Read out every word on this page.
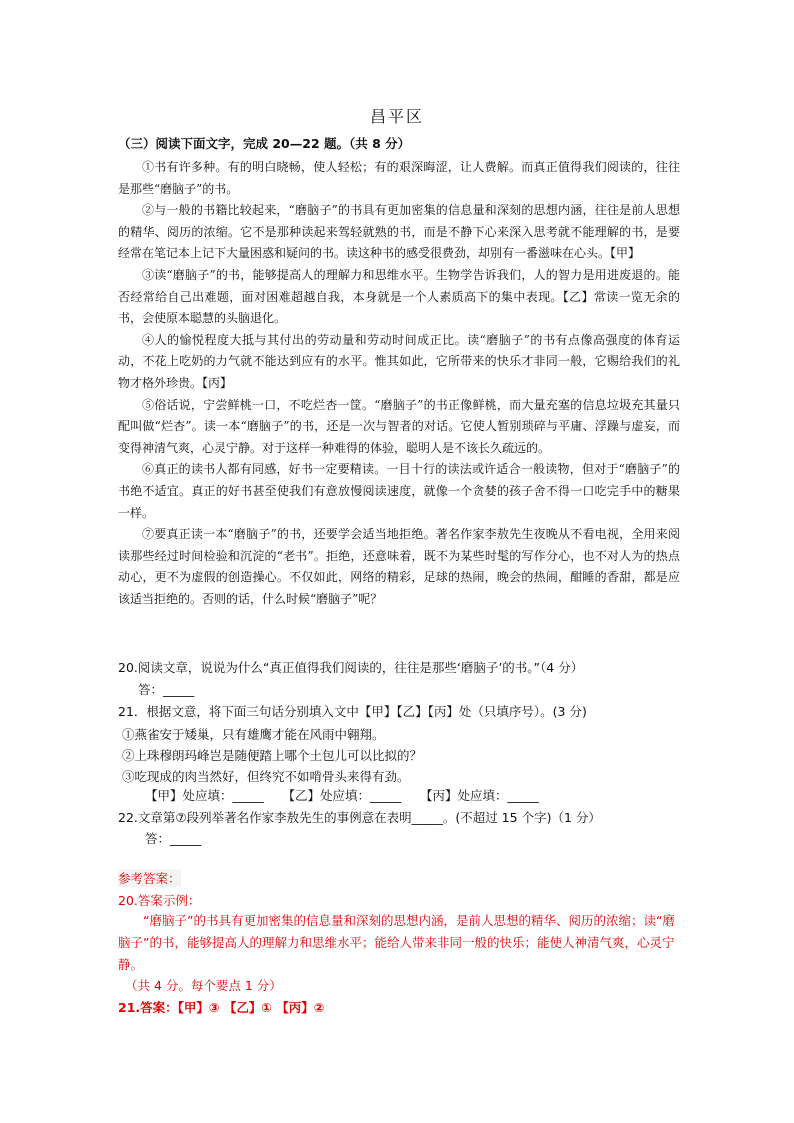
昌平区
（三）阅读下面文字，完成 20—22 题。（共 8 分）

①书有许多种。有的明白晓畅，使人轻松；有的艰深晦涩，让人费解。而真正值得我们阅读的，往往是那些“磨脑子”的书。

②与一般的书籍比较起来，“磨脑子”的书具有更加密集的信息量和深刻的思想内涵，往往是前人思想的精华、阅历的浓缩。它不是那种读起来驾轻就熟的书，而是不静下心来深入思考就不能理解的书，是要经常在笔记本上记下大量困惑和疑问的书。读这种书的感受很费劲，却别有一番滋味在心头。【甲】

③读“磨脑子”的书，能够提高人的理解力和思维水平。生物学告诉我们，人的智力是用进废退的。能否经常给自己出难题，面对困难超越自我，本身就是一个人素质高下的集中表现。【乙】常读一览无余的书，会使原本聪慧的头脑退化。

④人的愉悦程度大抵与其付出的劳动量和劳动时间成正比。读“磨脑子”的书有点像高强度的体育运动，不花上吃奶的力气就不能达到应有的水平。惟其如此，它所带来的快乐才非同一般，它赐给我们的礼物才格外珍贵。【丙】

⑤俗话说，宁尝鲜桃一口，不吃烂杏一筐。“磨脑子”的书正像鲜桃，而大量充塞的信息垃圾充其量只配叫做“烂杏”。读一本“磨脑子”的书，还是一次与智者的对话。它使人暂别琐碎与平庸、浮躁与虚妄，而变得神清气爽，心灵宁静。对于这样一种难得的体验，聪明人是不该长久疏远的。

⑥真正的读书人都有同感，好书一定要精读。一目十行的读法或许适合一般读物，但对于“磨脑子”的书绝不适宜。真正的好书甚至使我们有意放慢阅读速度，就像一个贪婪的孩子舍不得一口吃完手中的糖果一样。

⑦要真正读一本“磨脑子”的书，还要学会适当地拒绝。著名作家李敖先生夜晚从不看电视，全用来阅读那些经过时间检验和沉淀的“老书”。拒绝，还意味着，既不为某些时髦的写作分心，也不对人为的热点动心，更不为虚假的创造操心。不仅如此，网络的精彩，足球的热闹，晚会的热闹，酣睡的香甜，都是应该适当拒绝的。否则的话，什么时候“磨脑子”呢？

20.阅读文章，说说为什么“真正值得我们阅读的，往往是那些‘磨脑子’的书。”（4 分）
答：_____
21．根据文意，将下面三句话分别填入文中【甲】【乙】【丙】处（只填序号）。(3 分)
①燕雀安于矮巢，只有雄鹰才能在风雨中翱翔。
②上珠穆朗玛峰岂是随便踏上哪个土包儿可以比拟的？
③吃现成的肉当然好，但终究不如啃骨头来得有劲。
【甲】处应填：_____　　【乙】处应填：_____　　【丙】处应填：_____
22.文章第⑦段列举著名作家李敖先生的事例意在表明_____。(不超过 15 个字)（1 分）
答：_____
参考答案：
20.答案示例：
“磨脑子”的书具有更加密集的信息量和深刻的思想内涵，是前人思想的精华、阅历的浓缩；读“磨脑子”的书，能够提高人的理解力和思维水平；能给人带来非同一般的快乐；能使人神清气爽，心灵宁静。
（共 4 分。每个要点 1 分）
21.答案：【甲】③ 【乙】① 【丙】②
